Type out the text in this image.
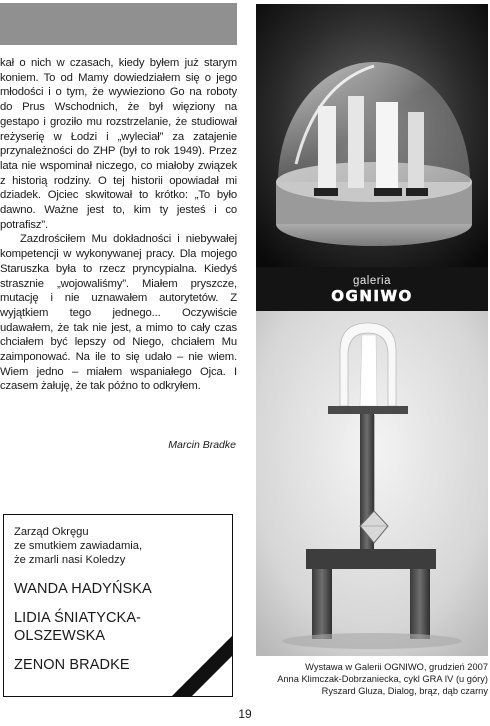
kał o nich w czasach, kiedy byłem już starym koniem. To od Mamy dowiedziałem się o jego młodości i o tym, że wywieziono Go na roboty do Prus Wschodnich, że był więziony na gestapo i groziło mu rozstrzelanie, że studiował reżyserię w Łodzi i „wyleciał” za zatajenie przynależności do ZHP (był to rok 1949). Przez lata nie wspominał niczego, co miałoby związek z historią rodziny. O tej historii opowiadał mi dziadek. Ojciec skwitował to krótko: „To było dawno. Ważne jest to, kim ty jesteś i co potrafisz”.

Zazdrościłem Mu dokładności i niebywałej kompetencji w wykonywanej pracy. Dla mojego Staruszka była to rzecz pryncypialna. Kiedyś strasznie „wojowaliśmy”. Miałem pryszcze, mutację i nie uznawałem autorytetów. Z wyjątkiem tego jednego... Oczywiście udawałem, że tak nie jest, a mimo to cały czas chciałem być lepszy od Niego, chciałem Mu zaimponować. Na ile to się udało – nie wiem. Wiem jedno – miałem wspaniałego Ojca. I czasem żałuję, że tak późno to odkryłem.

Marcin Bradke
Zarząd Okręgu
ze smutkiem zawiadamia,
że zmarli nasi Koledzy
WANDA HADYŃSKA
LIDIA ŚNIATYCKA-OLSZEWSKA
ZENON BRADKE
galeria
OGNIWO
Wystawa w Galerii OGNIWO, grudzień 2007
Anna Klimczak-Dobrzaniecka, cykl GRA IV (u góry)
Ryszard Gluza, Dialog, brąz, dąb czarny
19
